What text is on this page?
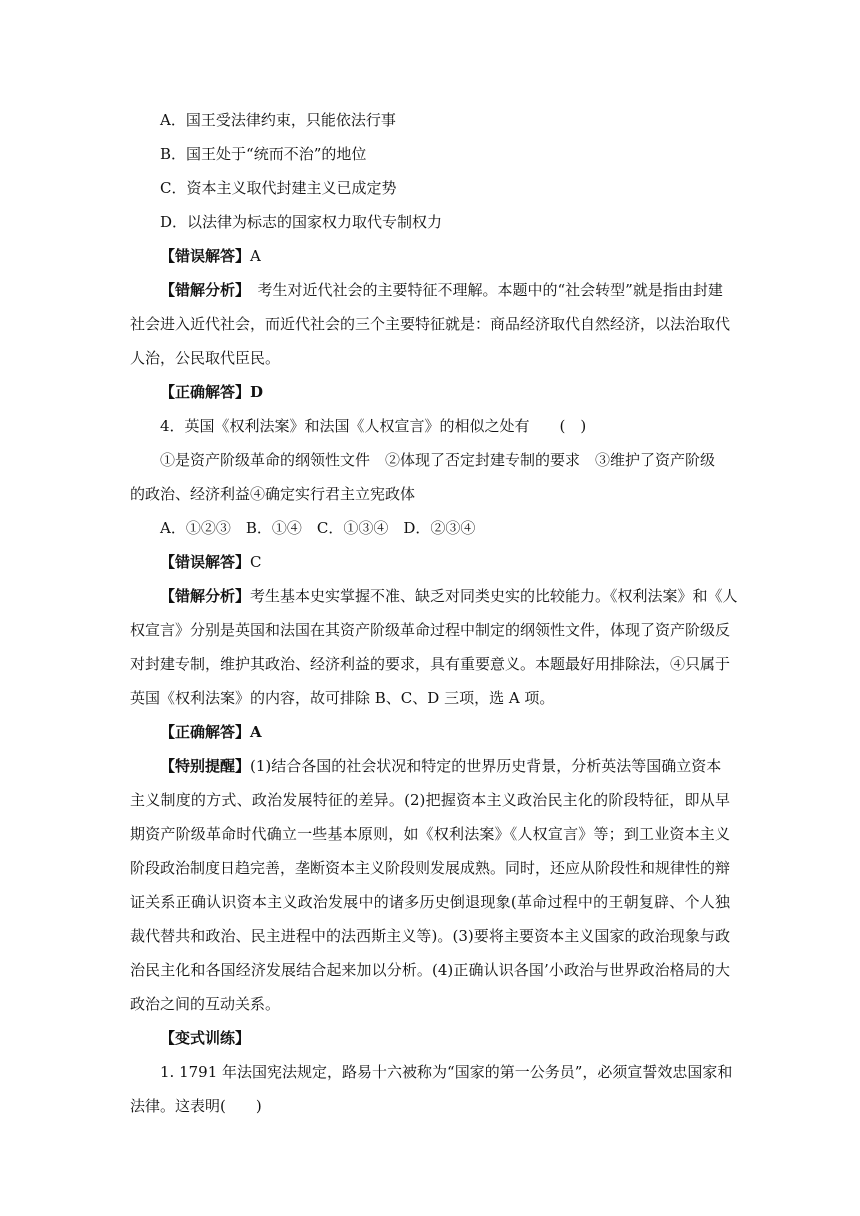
A．国王受法律约束，只能依法行事
B．国王处于“统而不治”的地位
C．资本主义取代封建主义已成定势
D．以法律为标志的国家权力取代专制权力
【错误解答】A
【错解分析】　考生对近代社会的主要特征不理解。本题中的“社会转型”就是指由封建
社会进入近代社会，而近代社会的三个主要特征就是：商品经济取代自然经济，以法治取代
人治，公民取代臣民。
【正确解答】D
4．英国《权利法案》和法国《人权宣言》的相似之处有　　(　)
①是资产阶级革命的纲领性文件　②体现了否定封建专制的要求　③维护了资产阶级
的政治、经济利益④确定实行君主立宪政体
A．①②③　B．①④　C．①③④　D．②③④
【错误解答】C
【错解分析】考生基本史实掌握不准、缺乏对同类史实的比较能力。《权利法案》和《人
权宣言》分别是英国和法国在其资产阶级革命过程中制定的纲领性文件，体现了资产阶级反
对封建专制，维护其政治、经济利益的要求，具有重要意义。本题最好用排除法，④只属于
英国《权利法案》的内容，故可排除 B、C、D 三项，选 A 项。
【正确解答】A
【特别提醒】(1)结合各国的社会状况和特定的世界历史背景，分析英法等国确立资本
主义制度的方式、政治发展特征的差异。(2)把握资本主义政治民主化的阶段特征，即从早
期资产阶级革命时代确立一些基本原则，如《权利法案》《人权宣言》等；到工业资本主义
阶段政治制度日趋完善，垄断资本主义阶段则发展成熟。同时，还应从阶段性和规律性的辩
证关系正确认识资本主义政治发展中的诸多历史倒退现象(革命过程中的王朝复辟、个人独
裁代替共和政治、民主进程中的法西斯主义等)。(3)要将主要资本主义国家的政治现象与政
治民主化和各国经济发展结合起来加以分析。(4)正确认识各国’小政治与世界政治格局的大
政治之间的互动关系。
【变式训练】
1. 1791 年法国宪法规定，路易十六被称为“国家的第一公务员”，必须宣誓效忠国家和
法律。这表明(　　)
